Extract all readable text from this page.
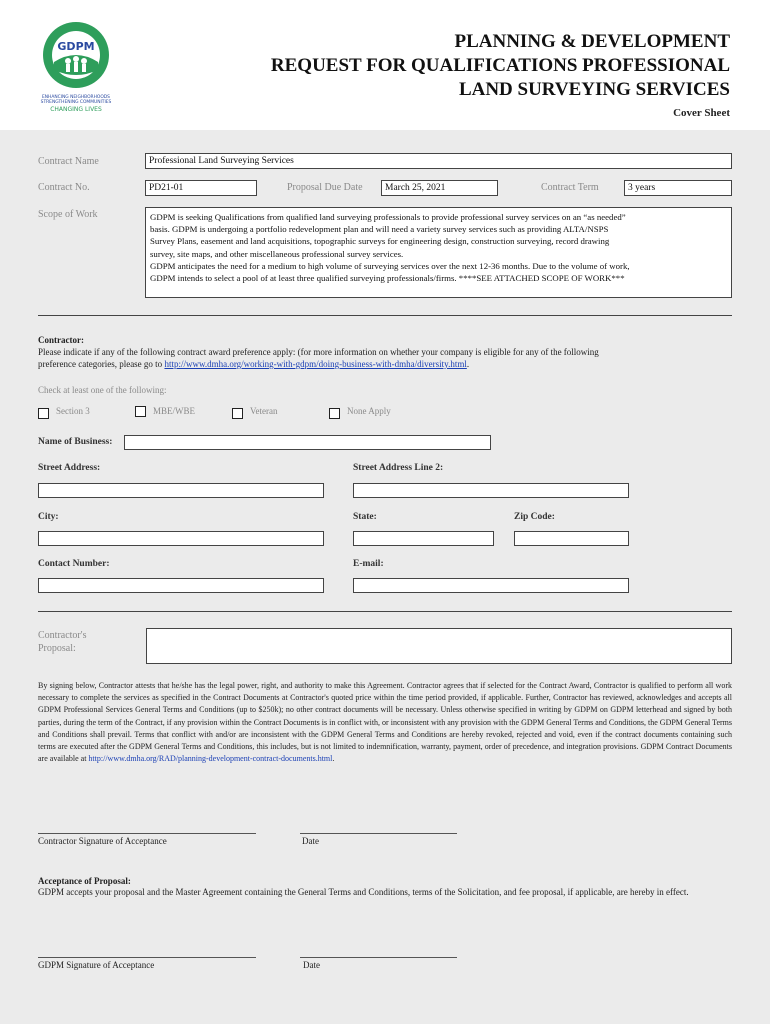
GDPM
GREATER DAYTON PREMIER MANAGEMENT
ENHANCING NEIGHBORHOODS
STRENGTHENING COMMUNITIES
CHANGING LIVES
PLANNING & DEVELOPMENT
REQUEST FOR QUALIFICATIONS PROFESSIONAL
LAND SURVEYING SERVICES
Cover Sheet
Contract Name	Professional Land Surveying Services
Contract No.	PD21-01	Proposal Due Date March 25, 2021	Contract Term	3 years
Scope of Work	GDPM is seeking Qualifications from qualified land surveying professionals to provide professional survey services on an “as needed”
basis. GDPM is undergoing a portfolio redevelopment plan and will need a variety survey services such as providing ALTA/NSPS
Survey Plans, easement and land acquisitions, topographic surveys for engineering design, construction surveying, record drawing
survey, site maps, and other miscellaneous professional survey services.
GDPM anticipates the need for a medium to high volume of surveying services over the next 12-36 months. Due to the volume of work,
GDPM intends to select a pool of at least three qualified surveying professionals/firms. ****SEE ATTACHED SCOPE OF WORK***
Contractor:
Please indicate if any of the following contract award preference apply: (for more information on whether your company is eligible for any of the following
preference categories, please go to http://www.dmha.org/working-with-gdpm/doing-business-with-dmha/diversity.html.
Check at least one of the following:
Section 3	MBE/WBE	Veteran	None Apply
Name of Business:
Street Address:	Street Address Line 2:
City:	State:	Zip Code:
Contact Number:	E-mail:
Contractor's
Proposal:
By signing below, Contractor attests that he/she has the legal power, right, and authority to make this Agreement. Contractor agrees that if selected for the Contract Award, Contractor is qualified to perform all work necessary to complete the services as specified in the Contract Documents at Contractor's quoted price within the time period provided, if applicable. Further, Contractor has reviewed, acknowledges and accepts all GDPM Professional Services General Terms and Conditions (up to $250k); no other contract documents will be necessary. Unless otherwise specified in writing by GDPM on GDPM letterhead and signed by both parties, during the term of the Contract, if any provision within the Contract Documents is in conflict with, or inconsistent with any provision with the GDPM General Terms and Conditions, the GDPM General Terms and Conditions shall prevail. Terms that conflict with and/or are inconsistent with the GDPM General Terms and Conditions are hereby revoked, rejected and void, even if the contract documents containing such terms are executed after the GDPM General Terms and Conditions, this includes, but is not limited to indemnification, warranty, payment, order of precedence, and integration provisions. GDPM Contract Documents are available at http://www.dmha.org/RAD/planning-development-contract-documents.html.
Contractor Signature of Acceptance	Date
Acceptance of Proposal:
GDPM accepts your proposal and the Master Agreement containing the General Terms and Conditions, terms of the Solicitation, and fee proposal, if applicable, are hereby in effect.
GDPM Signature of Acceptance	Date
